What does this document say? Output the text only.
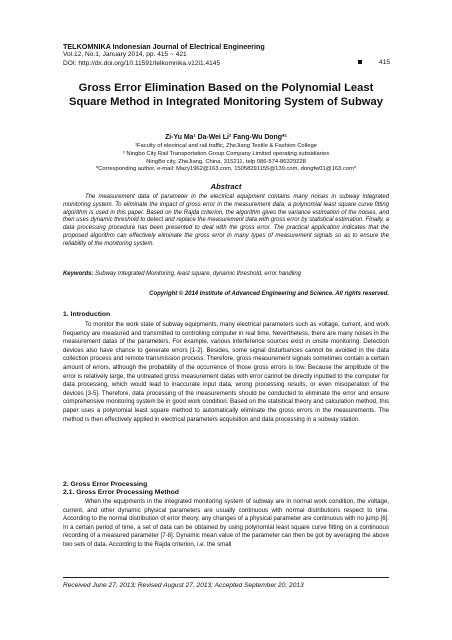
TELKOMNIKA Indonesian Journal of Electrical Engineering
Vol.12, No.1, January 2014, pp. 415 ~ 421
DOI: http://dx.doi.org/10.11591/telkomnika.v12i1.4145	415
Gross Error Elimination Based on the Polynomial Least Square Method in Integrated Monitoring System of Subway
Zi-Yu Ma¹ Da-Wei Li² Fang-Wu Dong*¹
¹Faculty of electrical and rail traffic, ZheJiang Textile & Fashion College
² Ningbo City Rail Transportation Group Company Limited operating subsidiaries
NingBo city, ZheJiang, China, 315211, telp 086-574-86329228
*Corresponding author, e-mail: Mazy1962@163.com, 15058291155@139.com, dongfw01@163.com*
Abstract

The measurement data of parameter in the electrical equipment contains many noises in subway integrated monitoring system. To eliminate the impact of gross error in the measurement data, a polynomial least square curve fitting algorithm is used in this paper. Based on the Rajda criterion, the algorithm gives the variance estimation of the noises, and then uses dynamic threshold to detect and replace the measurement data with gross error by statistical estimation. Finally, a data processing procedure has been presented to deal with the gross error. The practical application indicates that the proposed algorithm can effectively eliminate the gross error in many types of measurement signals so as to ensure the reliability of the monitoring system.

Keywords: Subway Integrated Monitoring, least square, dynamic threshold, error handling
Copyright © 2014 Institute of Advanced Engineering and Science. All rights reserved.
1. Introduction

To monitor the work state of subway equipments, many electrical parameters such as voltage, current, and work frequency are measured and transmitted to controlling computer in real time. Nevertheless, there are many noises in the measurement datas of the parameters. For example, various interference sources exist in onsite monitoring. Detection devices also have chance to generate errors [1-2]. Besides, some signal disturbances cannot be avoided in the data collection process and remote transmission process. Therefore, gross measurement signals sometimes contain a certain amount of errors, although the probability of the occurrence of those gross errors is low. Because the amplitude of the error is relatively large, the untreated gross measurement datas with error cannot be directly inputted to the computer for data processing, which would lead to inaccurate input data, wrong processing results, or even misoperation of the devices [3-5]. Therefore, data processing of the measurements should be conducted to eliminate the error and ensure comprehensive monitoring system be in good work condition. Based on the statistical theory and calculation method, this paper uses a polynomial least square method to automatically eliminate the gross errors in the measurements. The method is then effectively applied in electrical parameters acquisition and data processing in a subway station.

2. Gross Error Processing
2.1. Gross Error Processing Method

When the equipments in the integrated monitoring system of subway are in normal work condition, the voltage, current, and other dynamic physical parameters are usually continuous with normal distributions respect to time. According to the normal distribution of error theory, any changes of a physical parameter are continuous with no jump [6]. In a certain period of time, a set of data can be obtained by using polynomial least square curve fitting on a continuous recording of a measured parameter [7-8]. Dynamic mean value of the parameter can then be got by averaging the above two sets of data. According to the Rajda criterion, i.e. the small

Received June 27, 2013; Revised August 27, 2013; Accepted September 20, 2013
